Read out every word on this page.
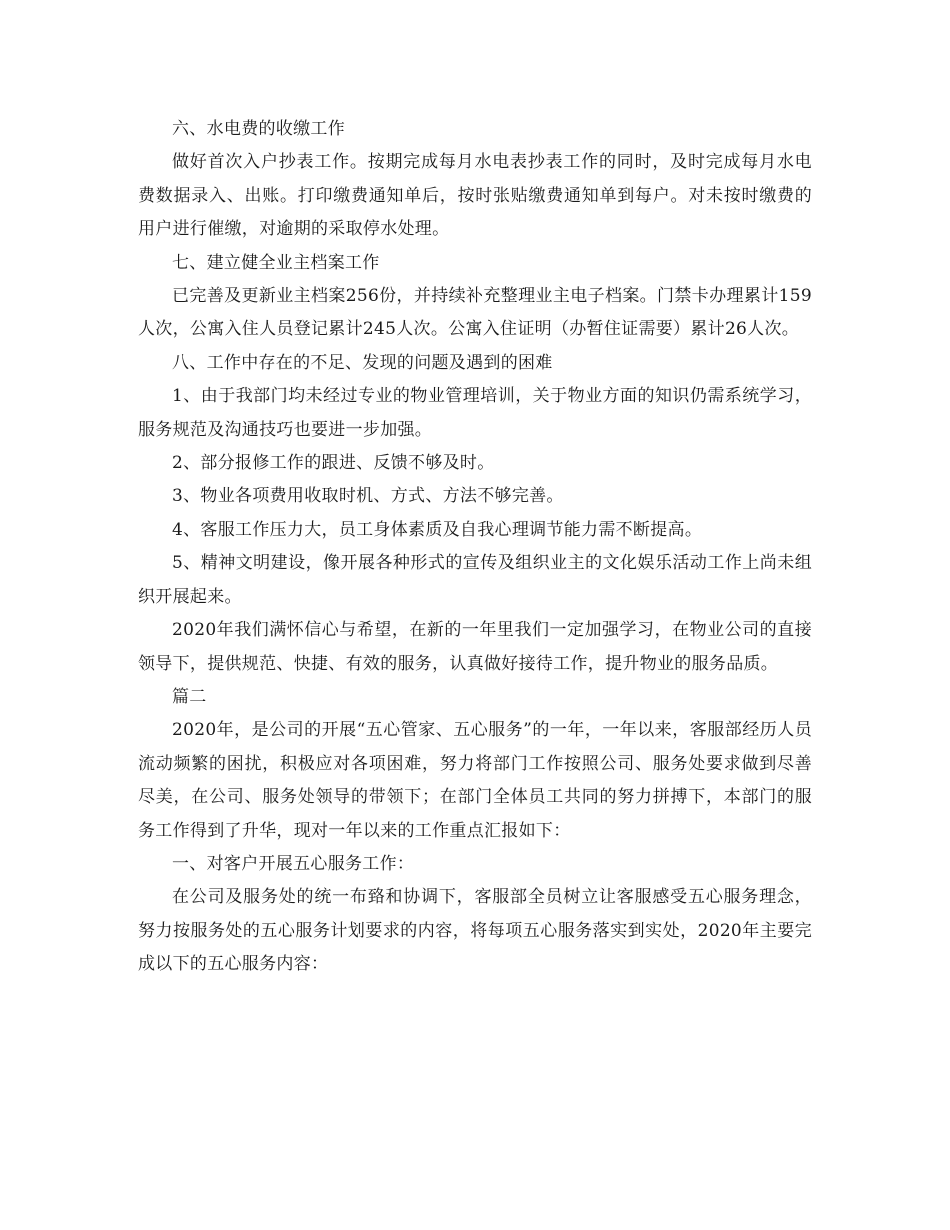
六、水电费的收缴工作

做好首次入户抄表工作。按期完成每月水电表抄表工作的同时，及时完成每月水电费数据录入、出账。打印缴费通知单后，按时张贴缴费通知单到每户。对未按时缴费的用户进行催缴，对逾期的采取停水处理。

七、建立健全业主档案工作

已完善及更新业主档案256份，并持续补充整理业主电子档案。门禁卡办理累计159人次，公寓入住人员登记累计245人次。公寓入住证明（办暂住证需要）累计26人次。

八、工作中存在的不足、发现的问题及遇到的困难

1、由于我部门均未经过专业的物业管理培训，关于物业方面的知识仍需系统学习，服务规范及沟通技巧也要进一步加强。

2、部分报修工作的跟进、反馈不够及时。

3、物业各项费用收取时机、方式、方法不够完善。

4、客服工作压力大，员工身体素质及自我心理调节能力需不断提高。

5、精神文明建设，像开展各种形式的宣传及组织业主的文化娱乐活动工作上尚未组织开展起来。

2020年我们满怀信心与希望，在新的一年里我们一定加强学习，在物业公司的直接领导下，提供规范、快捷、有效的服务，认真做好接待工作，提升物业的服务品质。

篇二

2020年，是公司的开展“五心管家、五心服务”的一年，一年以来，客服部经历人员流动频繁的困扰，积极应对各项困难，努力将部门工作按照公司、服务处要求做到尽善尽美，在公司、服务处领导的带领下；在部门全体员工共同的努力拼搏下，本部门的服务工作得到了升华，现对一年以来的工作重点汇报如下：

一、对客户开展五心服务工作：

在公司及服务处的统一布臵和协调下，客服部全员树立让客服感受五心服务理念，努力按服务处的五心服务计划要求的内容，将每项五心服务落实到实处，2020年主要完成以下的五心服务内容：
